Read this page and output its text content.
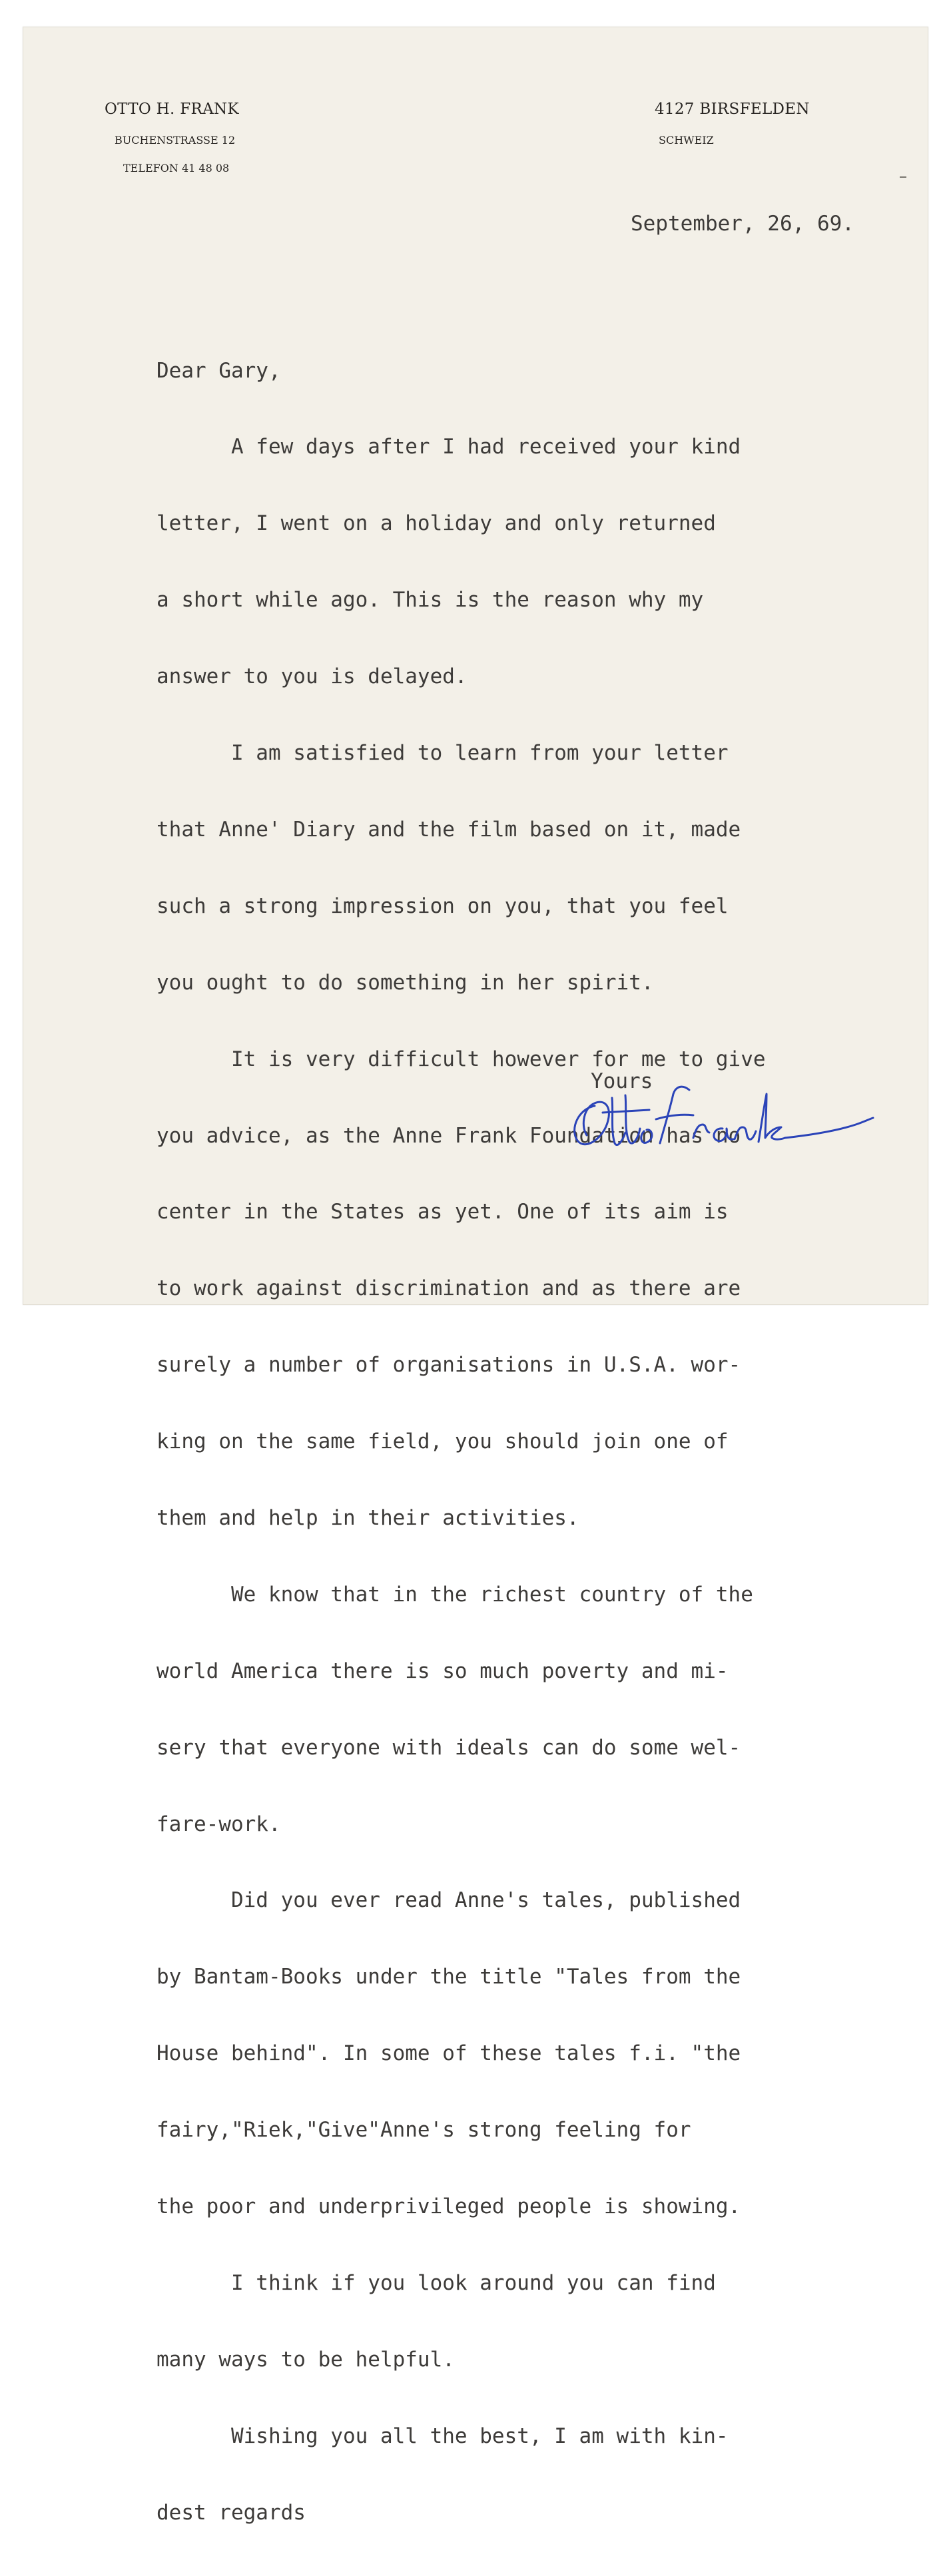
OTTO H. FRANK
BUCHENSTRASSE 12
TELEFON 41 48 08
4127 BIRSFELDEN
SCHWEIZ
September, 26, 69.

Dear Gary,

A few days after I had received your kind

letter, I went on a holiday and only returned

a short while ago. This is the reason why my

answer to you is delayed.

I am satisfied to learn from your letter

that Anne' Diary and the film based on it, made

such a strong impression on you, that you feel

you ought to do something in her spirit.

It is very difficult however for me to give

you advice, as the Anne Frank Foundation has no

center in the States as yet. One of its aim is

to work against discrimination and as there are

surely a number of organisations in U.S.A. wor-

king on the same field, you should join one of

them and help in their activities.

We know that in the richest country of the

world America there is so much poverty and mi-

sery that everyone with ideals can do some wel-

fare-work.

Did you ever read Anne's tales, published

by Bantam-Books under the title "Tales from the

House behind". In some of these tales f.i. "the

fairy,"Riek,"Give"Anne's strong feeling for

the poor and underprivileged people is showing.

I think if you look around you can find

many ways to be helpful.

Wishing you all the best, I am with kin-

dest regards

Yours
